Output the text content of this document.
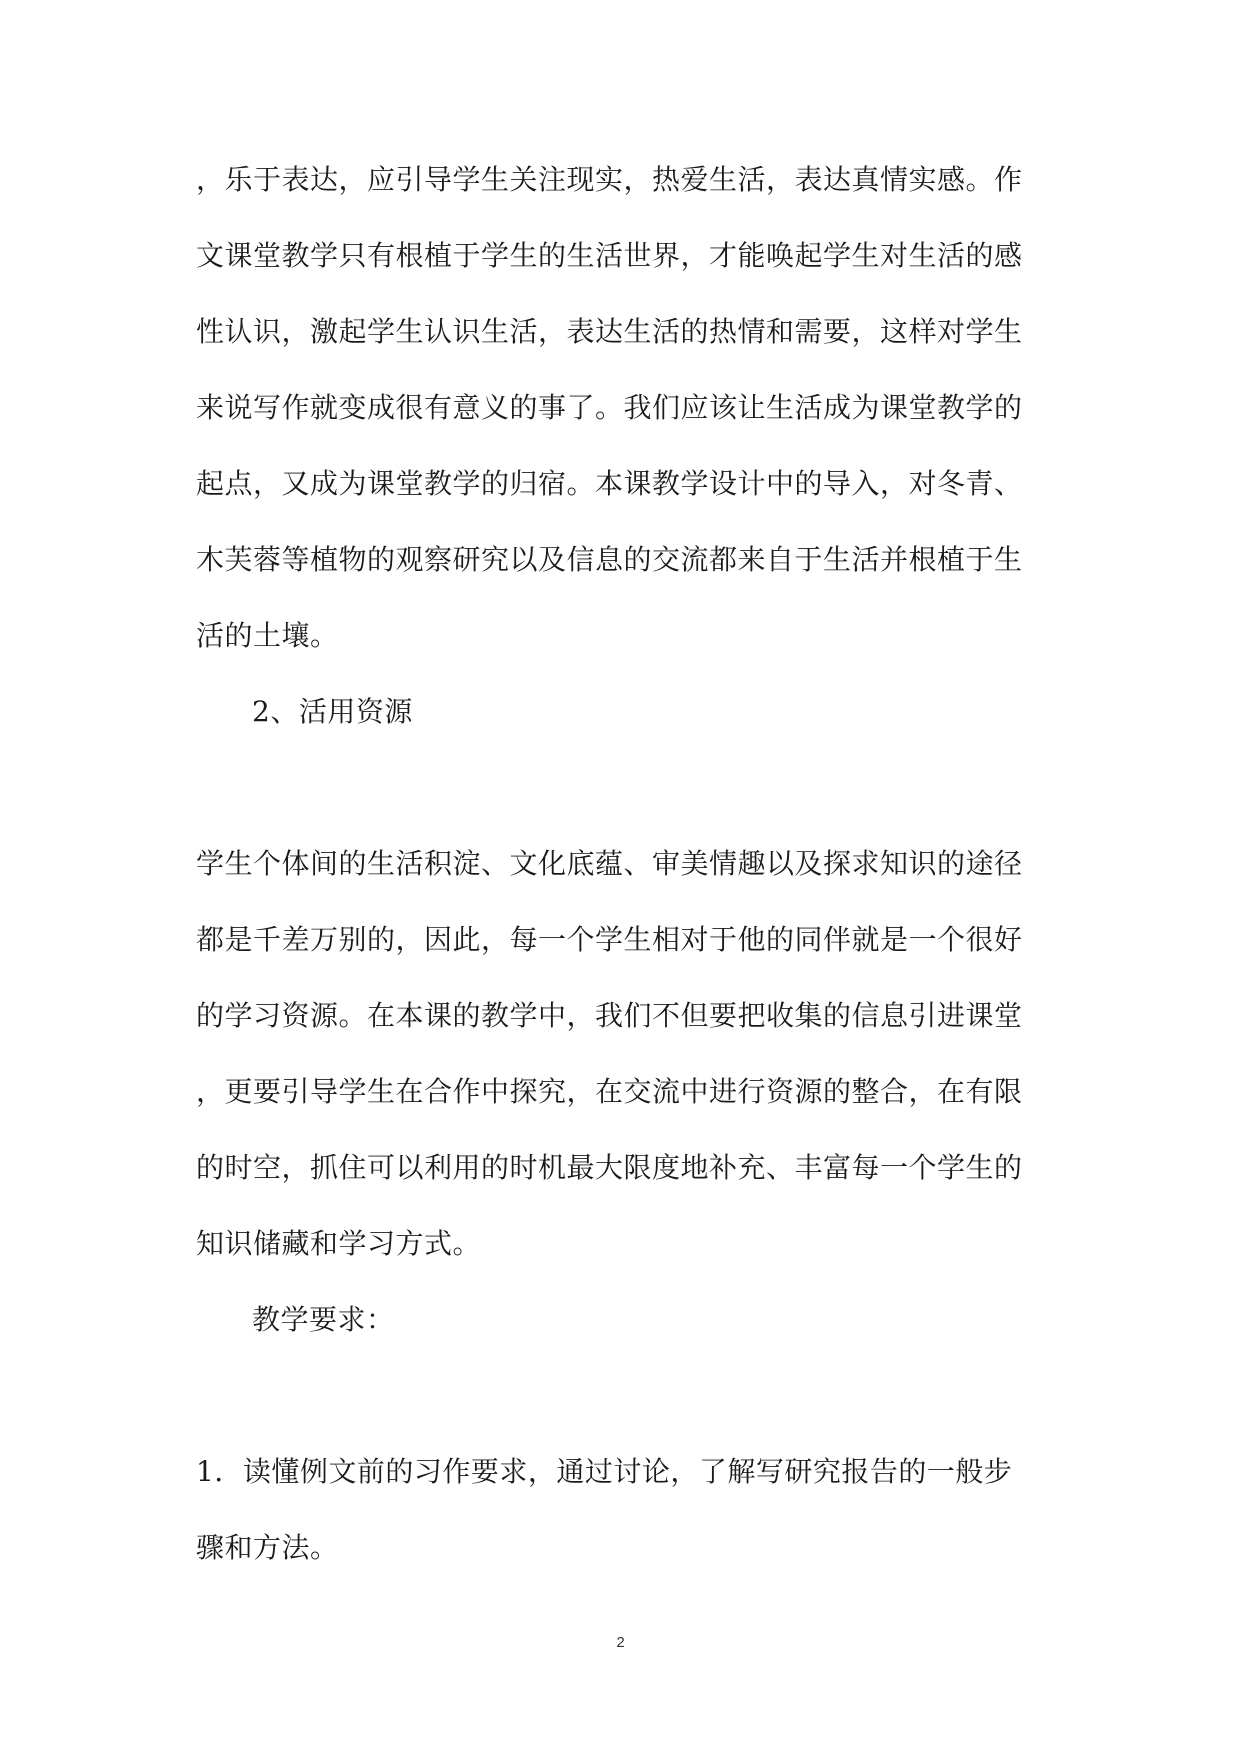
，乐于表达，应引导学生关注现实，热爱生活，表达真情实感。作
文课堂教学只有根植于学生的生活世界，才能唤起学生对生活的感
性认识，激起学生认识生活，表达生活的热情和需要，这样对学生
来说写作就变成很有意义的事了。我们应该让生活成为课堂教学的
起点，又成为课堂教学的归宿。本课教学设计中的导入，对冬青、
木芙蓉等植物的观察研究以及信息的交流都来自于生活并根植于生
活的土壤。
2、活用资源
学生个体间的生活积淀、文化底蕴、审美情趣以及探求知识的途径
都是千差万别的，因此，每一个学生相对于他的同伴就是一个很好
的学习资源。在本课的教学中，我们不但要把收集的信息引进课堂
，更要引导学生在合作中探究，在交流中进行资源的整合，在有限
的时空，抓住可以利用的时机最大限度地补充、丰富每一个学生的
知识储藏和学习方式。
教学要求：
1．读懂例文前的习作要求，通过讨论，了解写研究报告的一般步
骤和方法。
2
